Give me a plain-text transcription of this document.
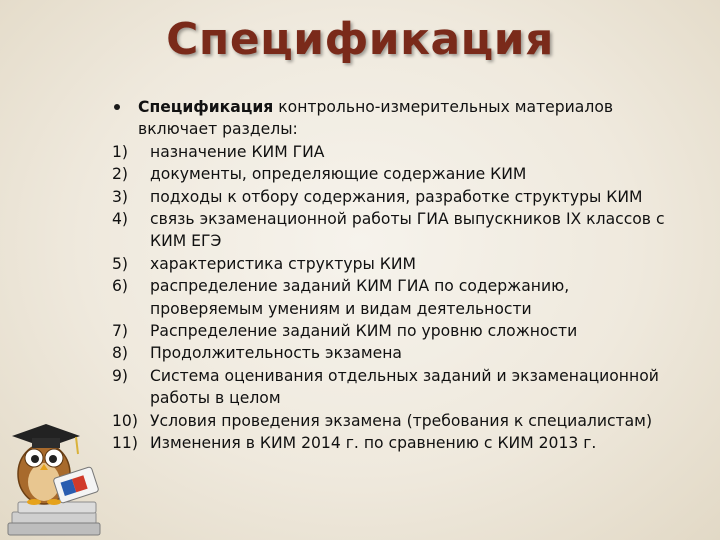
Спецификация
Спецификация контрольно-измерительных материалов включает разделы:
1) назначение КИМ ГИА
2) документы, определяющие содержание КИМ
3) подходы к отбору содержания, разработке структуры КИМ
4) связь экзаменационной работы ГИА выпускников IX классов с КИМ ЕГЭ
5) характеристика структуры КИМ
6) распределение заданий КИМ ГИА по содержанию, проверяемым умениям и видам деятельности
7) Распределение заданий КИМ по уровню сложности
8) Продолжительность экзамена
9) Система оценивания отдельных заданий и экзаменационной работы в целом
10) Условия проведения экзамена (требования к специалистам)
11) Изменения в КИМ 2014 г. по сравнению с КИМ 2013 г.
